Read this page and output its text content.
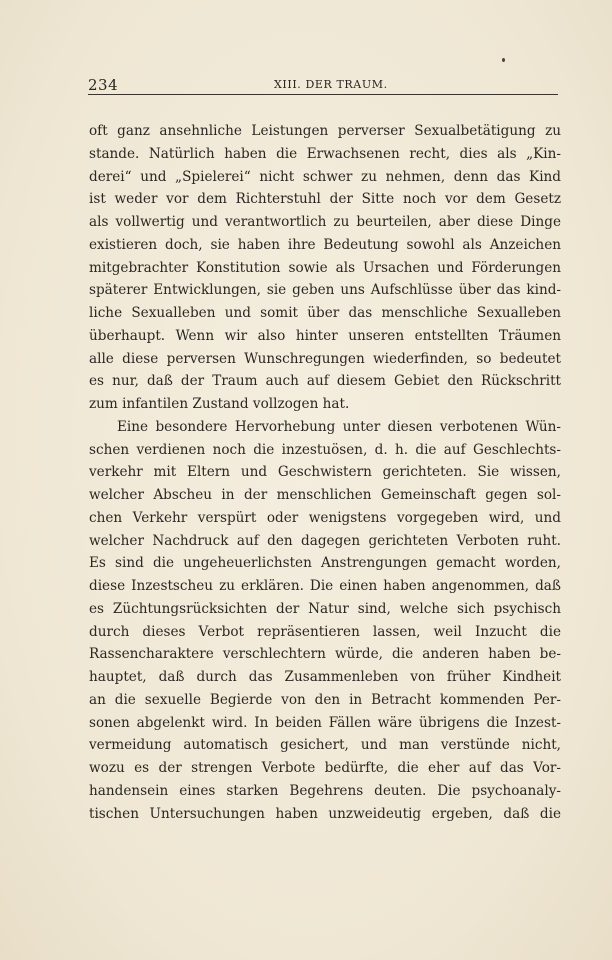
234	XIII. DER TRAUM.
oft ganz ansehnliche Leistungen perverser Sexualbetätigung zu
stande. Natürlich haben die Erwachsenen recht, dies als „Kin-
derei“ und „Spielerei“ nicht schwer zu nehmen, denn das Kind
ist weder vor dem Richterstuhl der Sitte noch vor dem Gesetz
als vollwertig und verantwortlich zu beurteilen, aber diese Dinge
existieren doch, sie haben ihre Bedeutung sowohl als Anzeichen
mitgebrachter Konstitution sowie als Ursachen und Förderungen
späterer Entwicklungen, sie geben uns Aufschlüsse über das kind-
liche Sexualleben und somit über das menschliche Sexualleben
überhaupt. Wenn wir also hinter unseren entstellten Träumen
alle diese perversen Wunschregungen wiederfinden, so bedeutet
es nur, daß der Traum auch auf diesem Gebiet den Rückschritt
zum infantilen Zustand vollzogen hat.
Eine besondere Hervorhebung unter diesen verbotenen Wün-
schen verdienen noch die inzestuösen, d. h. die auf Geschlechts-
verkehr mit Eltern und Geschwistern gerichteten. Sie wissen,
welcher Abscheu in der menschlichen Gemeinschaft gegen sol-
chen Verkehr verspürt oder wenigstens vorgegeben wird, und
welcher Nachdruck auf den dagegen gerichteten Verboten ruht.
Es sind die ungeheuerlichsten Anstrengungen gemacht worden,
diese Inzestscheu zu erklären. Die einen haben angenommen, daß
es Züchtungsrücksichten der Natur sind, welche sich psychisch
durch dieses Verbot repräsentieren lassen, weil Inzucht die
Rassencharaktere verschlechtern würde, die anderen haben be-
hauptet, daß durch das Zusammenleben von früher Kindheit
an die sexuelle Begierde von den in Betracht kommenden Per-
sonen abgelenkt wird. In beiden Fällen wäre übrigens die Inzest-
vermeidung automatisch gesichert, und man verstünde nicht,
wozu es der strengen Verbote bedürfte, die eher auf das Vor-
handensein eines starken Begehrens deuten. Die psychoanaly-
tischen Untersuchungen haben unzweideutig ergeben, daß die
